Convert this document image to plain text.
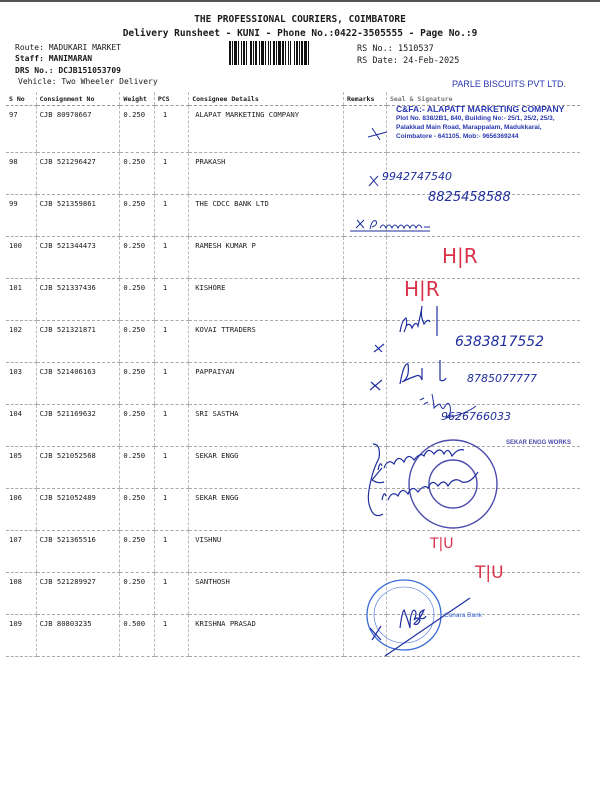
THE PROFESSIONAL COURIERS, COIMBATORE
Delivery Runsheet - KUNI - Phone No.:0422-3505555 - Page No.:9
Route: MADUKARI MARKET
Staff: MANIMARAN
DRS No.: DCJB151053709
Vehicle: Two Wheeler Delivery
RS No.: 1510537
RS Date: 24-Feb-2025
S No	Consignment No	Weight	PCS	Consignee Details	Remarks	Seal & Signature
97	CJB 80970667	0.250	1	ALAPAT MARKETING COMPANY		
98	CJB 521296427	0.250	1	PRAKASH		
99	CJB 521359861	0.250	1	THE CDCC BANK LTD		
100	CJB 521344473	0.250	1	RAMESH KUMAR P		
101	CJB 521337436	0.250	1	KISHORE		
102	CJB 521321871	0.250	1	KOVAI TTRADERS		
103	CJB 521406163	0.250	1	PAPPAIYAN		
104	CJB 521169632	0.250	1	SRI SASTHA		
105	CJB 521052568	0.250	1	SEKAR ENGG		
106	CJB 521052489	0.250	1	SEKAR ENGG		
107	CJB 521365516	0.250	1	VISHNU		
108	CJB 521289927	0.250	1	SANTHOSH		
109	CJB 80803235	0.500	1	KRISHNA PRASAD		
PARLE BISCUITS PVT LTD.
C&FA:- ALAPATT MARKETING COMPANY
Plot No. 838/2B1, 840, Building No:- 25/1, 25/2, 25/3,
Palakkad Main Road, Marappalam, Madukkarai,
Coimbatore - 641105. Mob:- 9656369244
9942747540
8825458588
H|R
H|R
6383817552
8785077777
9626766033
SEKAR ENGG WORKS
T|U
T|U
Canara Bank
